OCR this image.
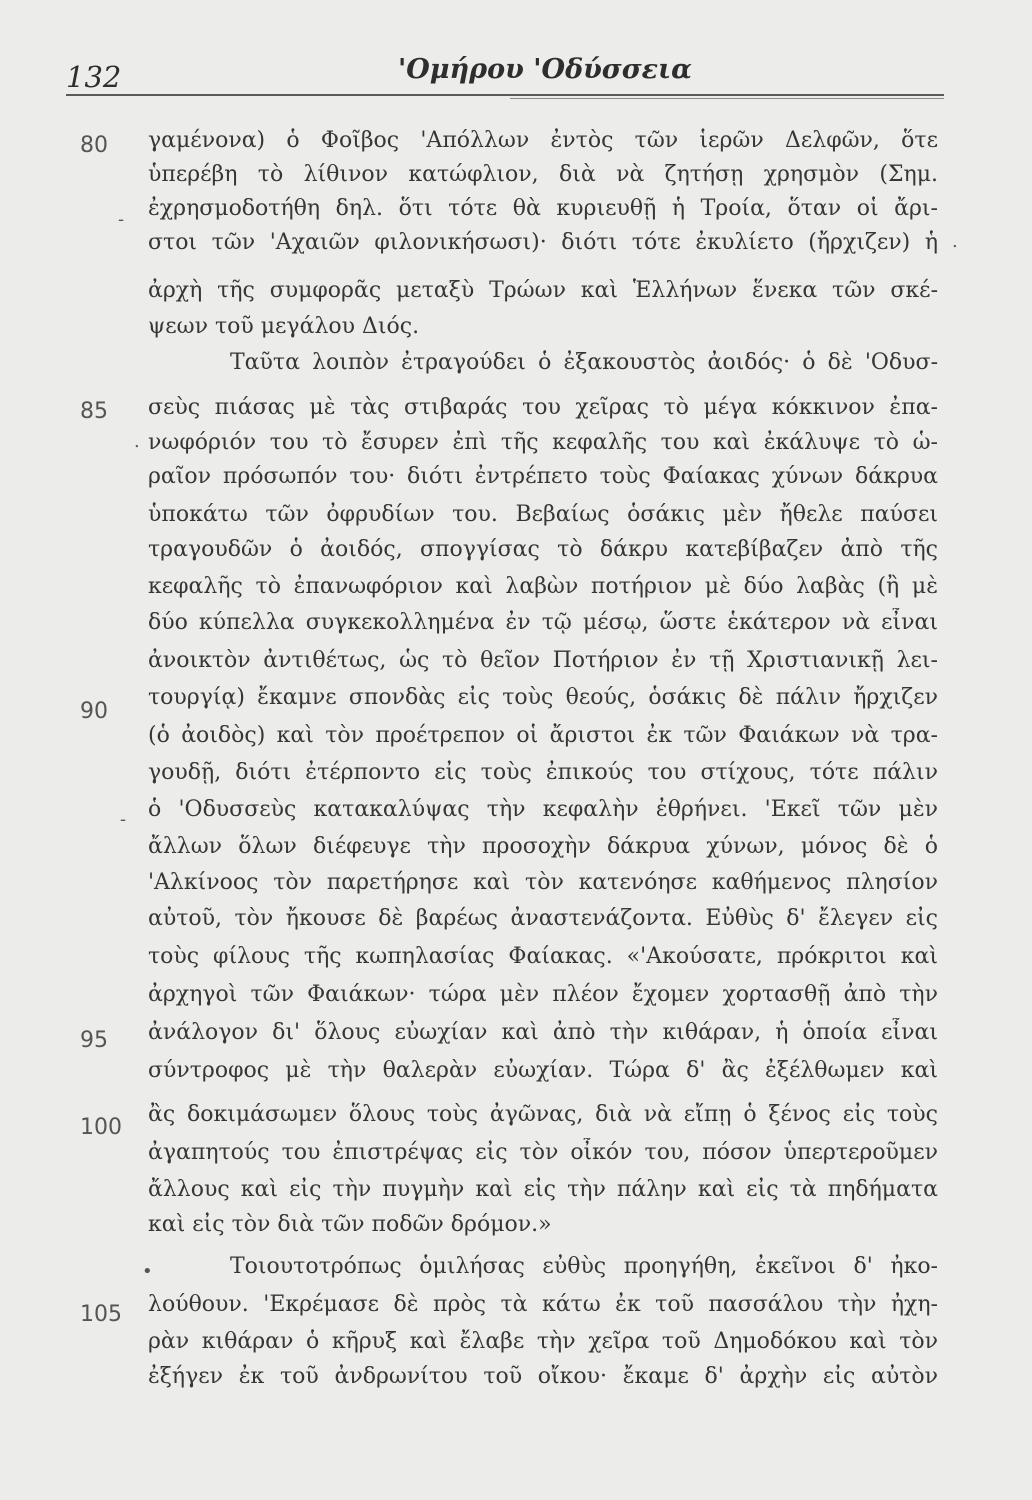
132	'Ομήρου 'Οδύσσεια
80
85
90
95
100
105
-
.
.
-
•
γαμένονα) ὁ Φοῖβος 'Απόλλων ἐντὸς τῶν ἱερῶν Δελφῶν, ὅτε
ὑπερέβη τὸ λίθινον κατώφλιον, διὰ νὰ ζητήσῃ χρησμὸν (Σημ.
ἐχρησμοδοτήθη δηλ. ὅτι τότε θὰ κυριευθῇ ἡ Τροία, ὅταν οἱ ἄρι-
στοι τῶν 'Αχαιῶν φιλονικήσωσι)· διότι τότε ἐκυλίετο (ἤρχιζεν) ἡ
ἀρχὴ τῆς συμφορᾶς μεταξὺ Τρώων καὶ Ἑλλήνων ἕνεκα τῶν σκέ-
ψεων τοῦ μεγάλου Διός.
Ταῦτα λοιπὸν ἐτραγούδει ὁ ἐξακουστὸς ἀοιδός· ὁ δὲ 'Οδυσ-
σεὺς πιάσας μὲ τὰς στιβαράς του χεῖρας τὸ μέγα κόκκινον ἐπα-
νωφόριόν του τὸ ἔσυρεν ἐπὶ τῆς κεφαλῆς του καὶ ἐκάλυψε τὸ ὡ-
ραῖον πρόσωπόν του· διότι ἐντρέπετο τοὺς Φαίακας χύνων δάκρυα
ὑποκάτω τῶν ὀφρυδίων του. Βεβαίως ὁσάκις μὲν ἤθελε παύσει
τραγουδῶν ὁ ἀοιδός, σπογγίσας τὸ δάκρυ κατεβίβαζεν ἀπὸ τῆς
κεφαλῆς τὸ ἐπανωφόριον καὶ λαβὼν ποτήριον μὲ δύο λαβὰς (ἢ μὲ
δύο κύπελλα συγκεκολλημένα ἐν τῷ μέσῳ, ὥστε ἑκάτερον νὰ εἶναι
ἀνοικτὸν ἀντιθέτως, ὡς τὸ θεῖον Ποτήριον ἐν τῇ Χριστιανικῇ λει-
τουργίᾳ) ἔκαμνε σπονδὰς εἰς τοὺς θεούς, ὁσάκις δὲ πάλιν ἤρχιζεν
(ὁ ἀοιδὸς) καὶ τὸν προέτρεπον οἱ ἄριστοι ἐκ τῶν Φαιάκων νὰ τρα-
γουδῇ, διότι ἐτέρποντο εἰς τοὺς ἐπικούς του στίχους, τότε πάλιν
ὁ 'Οδυσσεὺς κατακαλύψας τὴν κεφαλὴν ἐθρήνει. 'Εκεῖ τῶν μὲν
ἄλλων ὅλων διέφευγε τὴν προσοχὴν δάκρυα χύνων, μόνος δὲ ὁ
'Αλκίνοος τὸν παρετήρησε καὶ τὸν κατενόησε καθήμενος πλησίον
αὐτοῦ, τὸν ἤκουσε δὲ βαρέως ἀναστενάζοντα. Εὐθὺς δ' ἔλεγεν εἰς
τοὺς φίλους τῆς κωπηλασίας Φαίακας. «'Ακούσατε, πρόκριτοι καὶ
ἀρχηγοὶ τῶν Φαιάκων· τώρα μὲν πλέον ἔχομεν χορτασθῇ ἀπὸ τὴν
ἀνάλογον δι' ὅλους εὐωχίαν καὶ ἀπὸ τὴν κιθάραν, ἡ ὁποία εἶναι
σύντροφος μὲ τὴν θαλερὰν εὐωχίαν. Τώρα δ' ἂς ἐξέλθωμεν καὶ
ἂς δοκιμάσωμεν ὅλους τοὺς ἀγῶνας, διὰ νὰ εἴπῃ ὁ ξένος εἰς τοὺς
ἀγαπητούς του ἐπιστρέψας εἰς τὸν οἶκόν του, πόσον ὑπερτεροῦμεν
ἄλλους καὶ εἰς τὴν πυγμὴν καὶ εἰς τὴν πάλην καὶ εἰς τὰ πηδήματα
καὶ εἰς τὸν διὰ τῶν ποδῶν δρόμον.»
Τοιουτοτρόπως ὁμιλήσας εὐθὺς προηγήθη, ἐκεῖνοι δ' ἠκο-
λούθουν. 'Εκρέμασε δὲ πρὸς τὰ κάτω ἐκ τοῦ πασσάλου τὴν ἠχη-
ρὰν κιθάραν ὁ κῆρυξ καὶ ἔλαβε τὴν χεῖρα τοῦ Δημοδόκου καὶ τὸν
ἐξήγεν ἐκ τοῦ ἀνδρωνίτου τοῦ οἴκου· ἔκαμε δ' ἀρχὴν εἰς αὐτὸν
